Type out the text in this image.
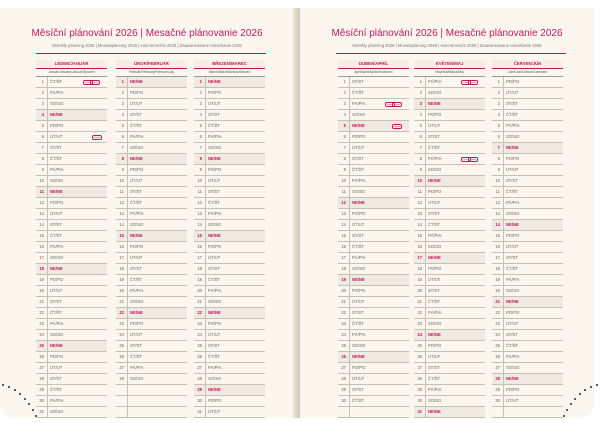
Měsíční plánování 2026 | Mesačné plánovanie 2026
Monthly planning 2026 | Monatsplanung 2026 | Havi tervezés 2026 | Zaawansowane mieszkanie 2026
LEDEN/JANUÁR
Január/January/Január/Styczeń
1	ČT/ŠT
2	PÁ/PIA
3	SO/SO
4	NE/NE
5	PO/PO
6	ÚT/UT
7	ST/ST
8	ČT/ŠT
9	PÁ/PIA
10	SO/SO
11	NE/NE
12	PO/PO
13	ÚT/UT
14	ST/ST
15	ČT/ŠT
16	PÁ/PIA
17	SO/SO
18	NE/NE
19	PO/PO
20	ÚT/UT
21	ST/ST
22	ČT/ŠT
23	PÁ/PIA
24	SO/SO
25	NE/NE
26	PO/PO
27	ÚT/UT
28	ST/ST
29	ČT/ŠT
30	PÁ/PIA
31	SO/SO
ÚNOR/FEBRUÁR
Február/February/Február/Luty
1	NE/NE
2	PO/PO
3	ÚT/UT
4	ST/ST
5	ČT/ŠT
6	PÁ/PIA
7	SO/SO
8	NE/NE
9	PO/PO
10	ÚT/UT
11	ST/ST
12	ČT/ŠT
13	PÁ/PIA
14	SO/SO
15	NE/NE
16	PO/PO
17	ÚT/UT
18	ST/ST
19	ČT/ŠT
20	PÁ/PIA
21	SO/SO
22	NE/NE
23	PO/PO
24	ÚT/UT
25	ST/ST
26	ČT/ŠT
27	PÁ/PIA
28	SO/SO
BŘEZEN/MAREC
March/März/Március/Marzec
1	NE/NE
2	PO/PO
3	ÚT/UT
4	ST/ST
5	ČT/ŠT
6	PÁ/PIA
7	SO/SO
8	NE/NE
9	PO/PO
10	ÚT/UT
11	ST/ST
12	ČT/ŠT
13	PÁ/PIA
14	SO/SO
15	NE/NE
16	PO/PO
17	ÚT/UT
18	ST/ST
19	ČT/ŠT
20	PÁ/PIA
21	SO/SO
22	NE/NE
23	PO/PO
24	ÚT/UT
25	ST/ST
26	ČT/ŠT
27	PÁ/PIA
28	SO/SO
29	NE/NE
30	PO/PO
31	ÚT/UT
Měsíční plánování 2026 | Mesačné plánovanie 2026
Monthly planning 2026 | Monatsplanung 2026 | Havi tervezés 2026 | Zaawansowane mieszkanie 2026
DUBEN/APRÍL
April/April/Április/Kwiecień
1	ST/ST
2	ČT/ŠT
3	PÁ/PIA
4	SO/SO
5	NE/NE
6	PO/PO
7	ÚT/UT
8	ST/ST
9	ČT/ŠT
10	PÁ/PIA
11	SO/SO
12	NE/NE
13	PO/PO
14	ÚT/UT
15	ST/ST
16	ČT/ŠT
17	PÁ/PIA
18	SO/SO
19	NE/NE
20	PO/PO
21	ÚT/UT
22	ST/ST
23	ČT/ŠT
24	PÁ/PIA
25	SO/SO
26	NE/NE
27	PO/PO
28	ÚT/UT
29	ST/ST
30	ČT/ŠT
KVĚTEN/MÁJ
May/Mai/Május/Maj
1	PÁ/PIA
2	SO/SO
3	NE/NE
4	PO/PO
5	ÚT/UT
6	ST/ST
7	ČT/ŠT
8	PÁ/PIA
9	SO/SO
10	NE/NE
11	PO/PO
12	ÚT/UT
13	ST/ST
14	ČT/ŠT
15	PÁ/PIA
16	SO/SO
17	NE/NE
18	PO/PO
19	ÚT/UT
20	ST/ST
21	ČT/ŠT
22	PÁ/PIA
23	SO/SO
24	NE/NE
25	PO/PO
26	ÚT/UT
27	ST/ST
28	ČT/ŠT
29	PÁ/PIA
30	SO/SO
31	NE/NE
ČERVEN/JÚN
June/Juni/Június/Czerwiec
1	PO/PO
2	ÚT/UT
3	ST/ST
4	ČT/ŠT
5	PÁ/PIA
6	SO/SO
7	NE/NE
8	PO/PO
9	ÚT/UT
10	ST/ST
11	ČT/ŠT
12	PÁ/PIA
13	SO/SO
14	NE/NE
15	PO/PO
16	ÚT/UT
17	ST/ST
18	ČT/ŠT
19	PÁ/PIA
20	SO/SO
21	NE/NE
22	PO/PO
23	ÚT/UT
24	ST/ST
25	ČT/ŠT
26	PÁ/PIA
27	SO/SO
28	NE/NE
29	PO/PO
30	ÚT/UT
